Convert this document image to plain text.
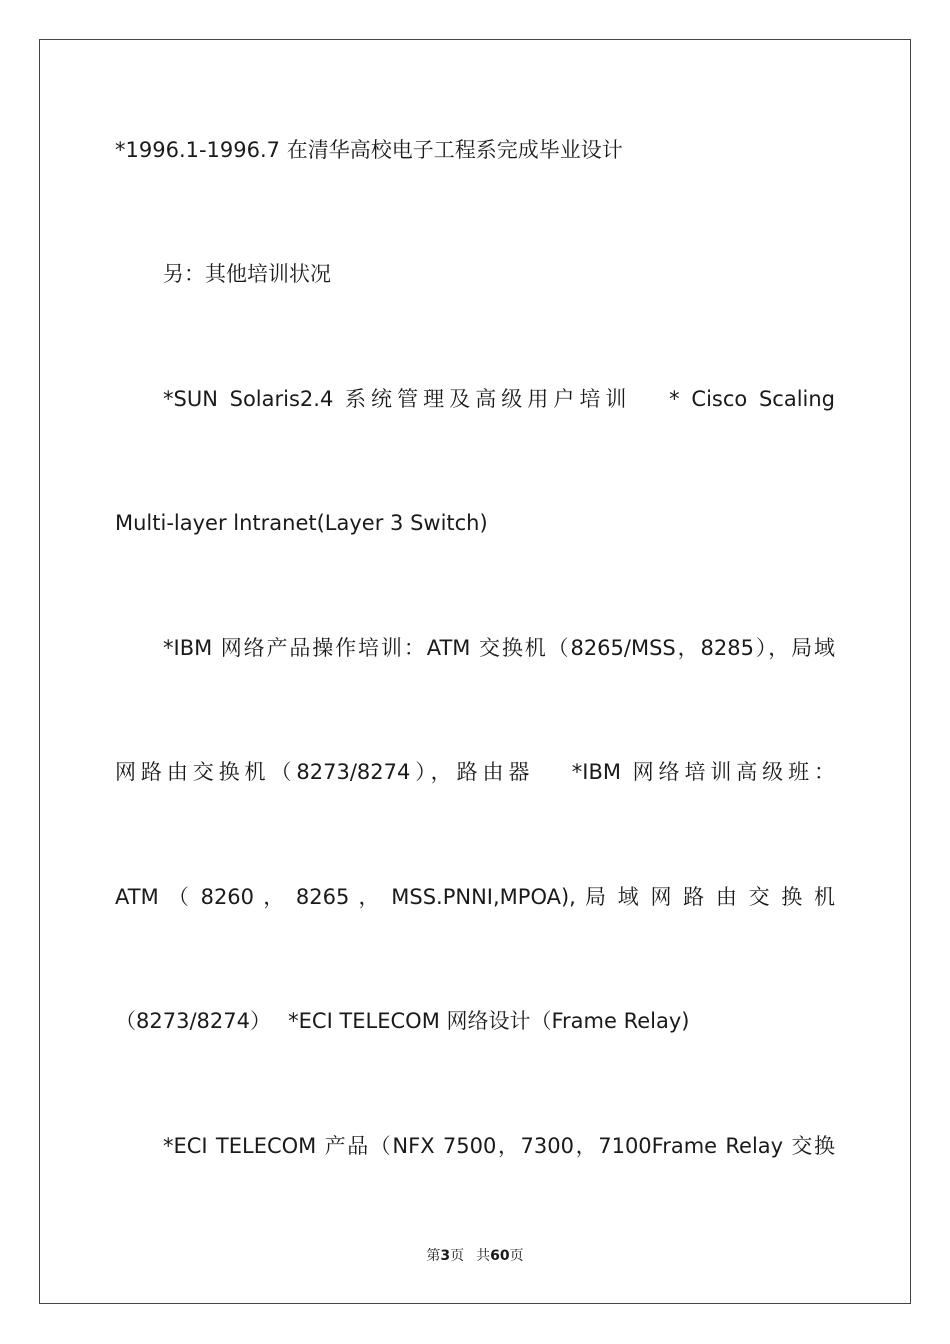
*1996.1-1996.7 在清华高校电子工程系完成毕业设计
另：其他培训状况
*SUN Solaris2.4 系统管理及高级用户培训　 * Cisco Scaling
Multi-layer lntranet(Layer 3 Switch)
*IBM 网络产品操作培训：ATM 交换机（8265/MSS，8285），局域
网路由交换机（8273/8274），路由器　 *IBM 网络培训高级班：
ATM （ 8260 ， 8265 ， MSS.PNNI,MPOA), 局 域 网 路 由 交 换 机
（8273/8274）　 *ECI TELECOM 网络设计（Frame Relay)
*ECI TELECOM 产品（NFX 7500，7300，7100Frame Relay 交换
第3页 共60页
